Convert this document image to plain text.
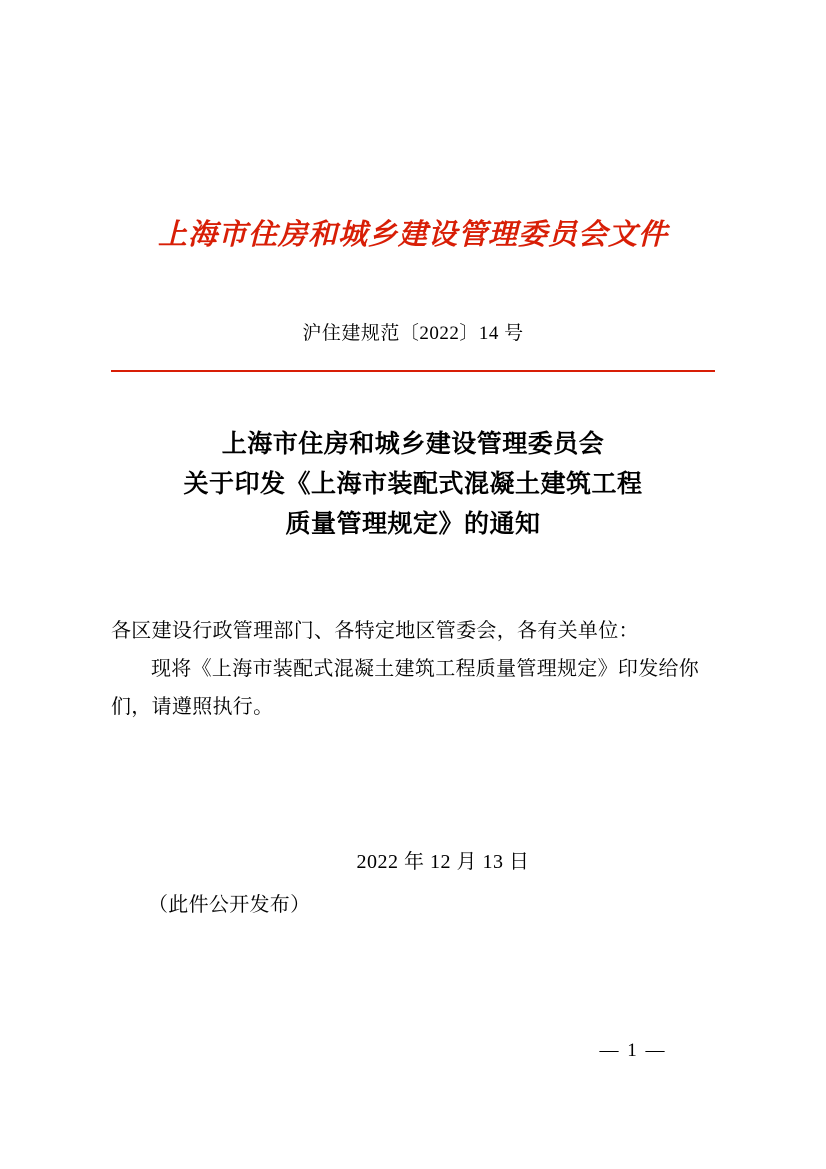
上海市住房和城乡建设管理委员会文件
沪住建规范〔2022〕14 号
上海市住房和城乡建设管理委员会
关于印发《上海市装配式混凝土建筑工程
质量管理规定》的通知
各区建设行政管理部门、各特定地区管委会，各有关单位：
现将《上海市装配式混凝土建筑工程质量管理规定》印发给你们，请遵照执行。
2022 年 12 月 13 日
（此件公开发布）
— 1 —
